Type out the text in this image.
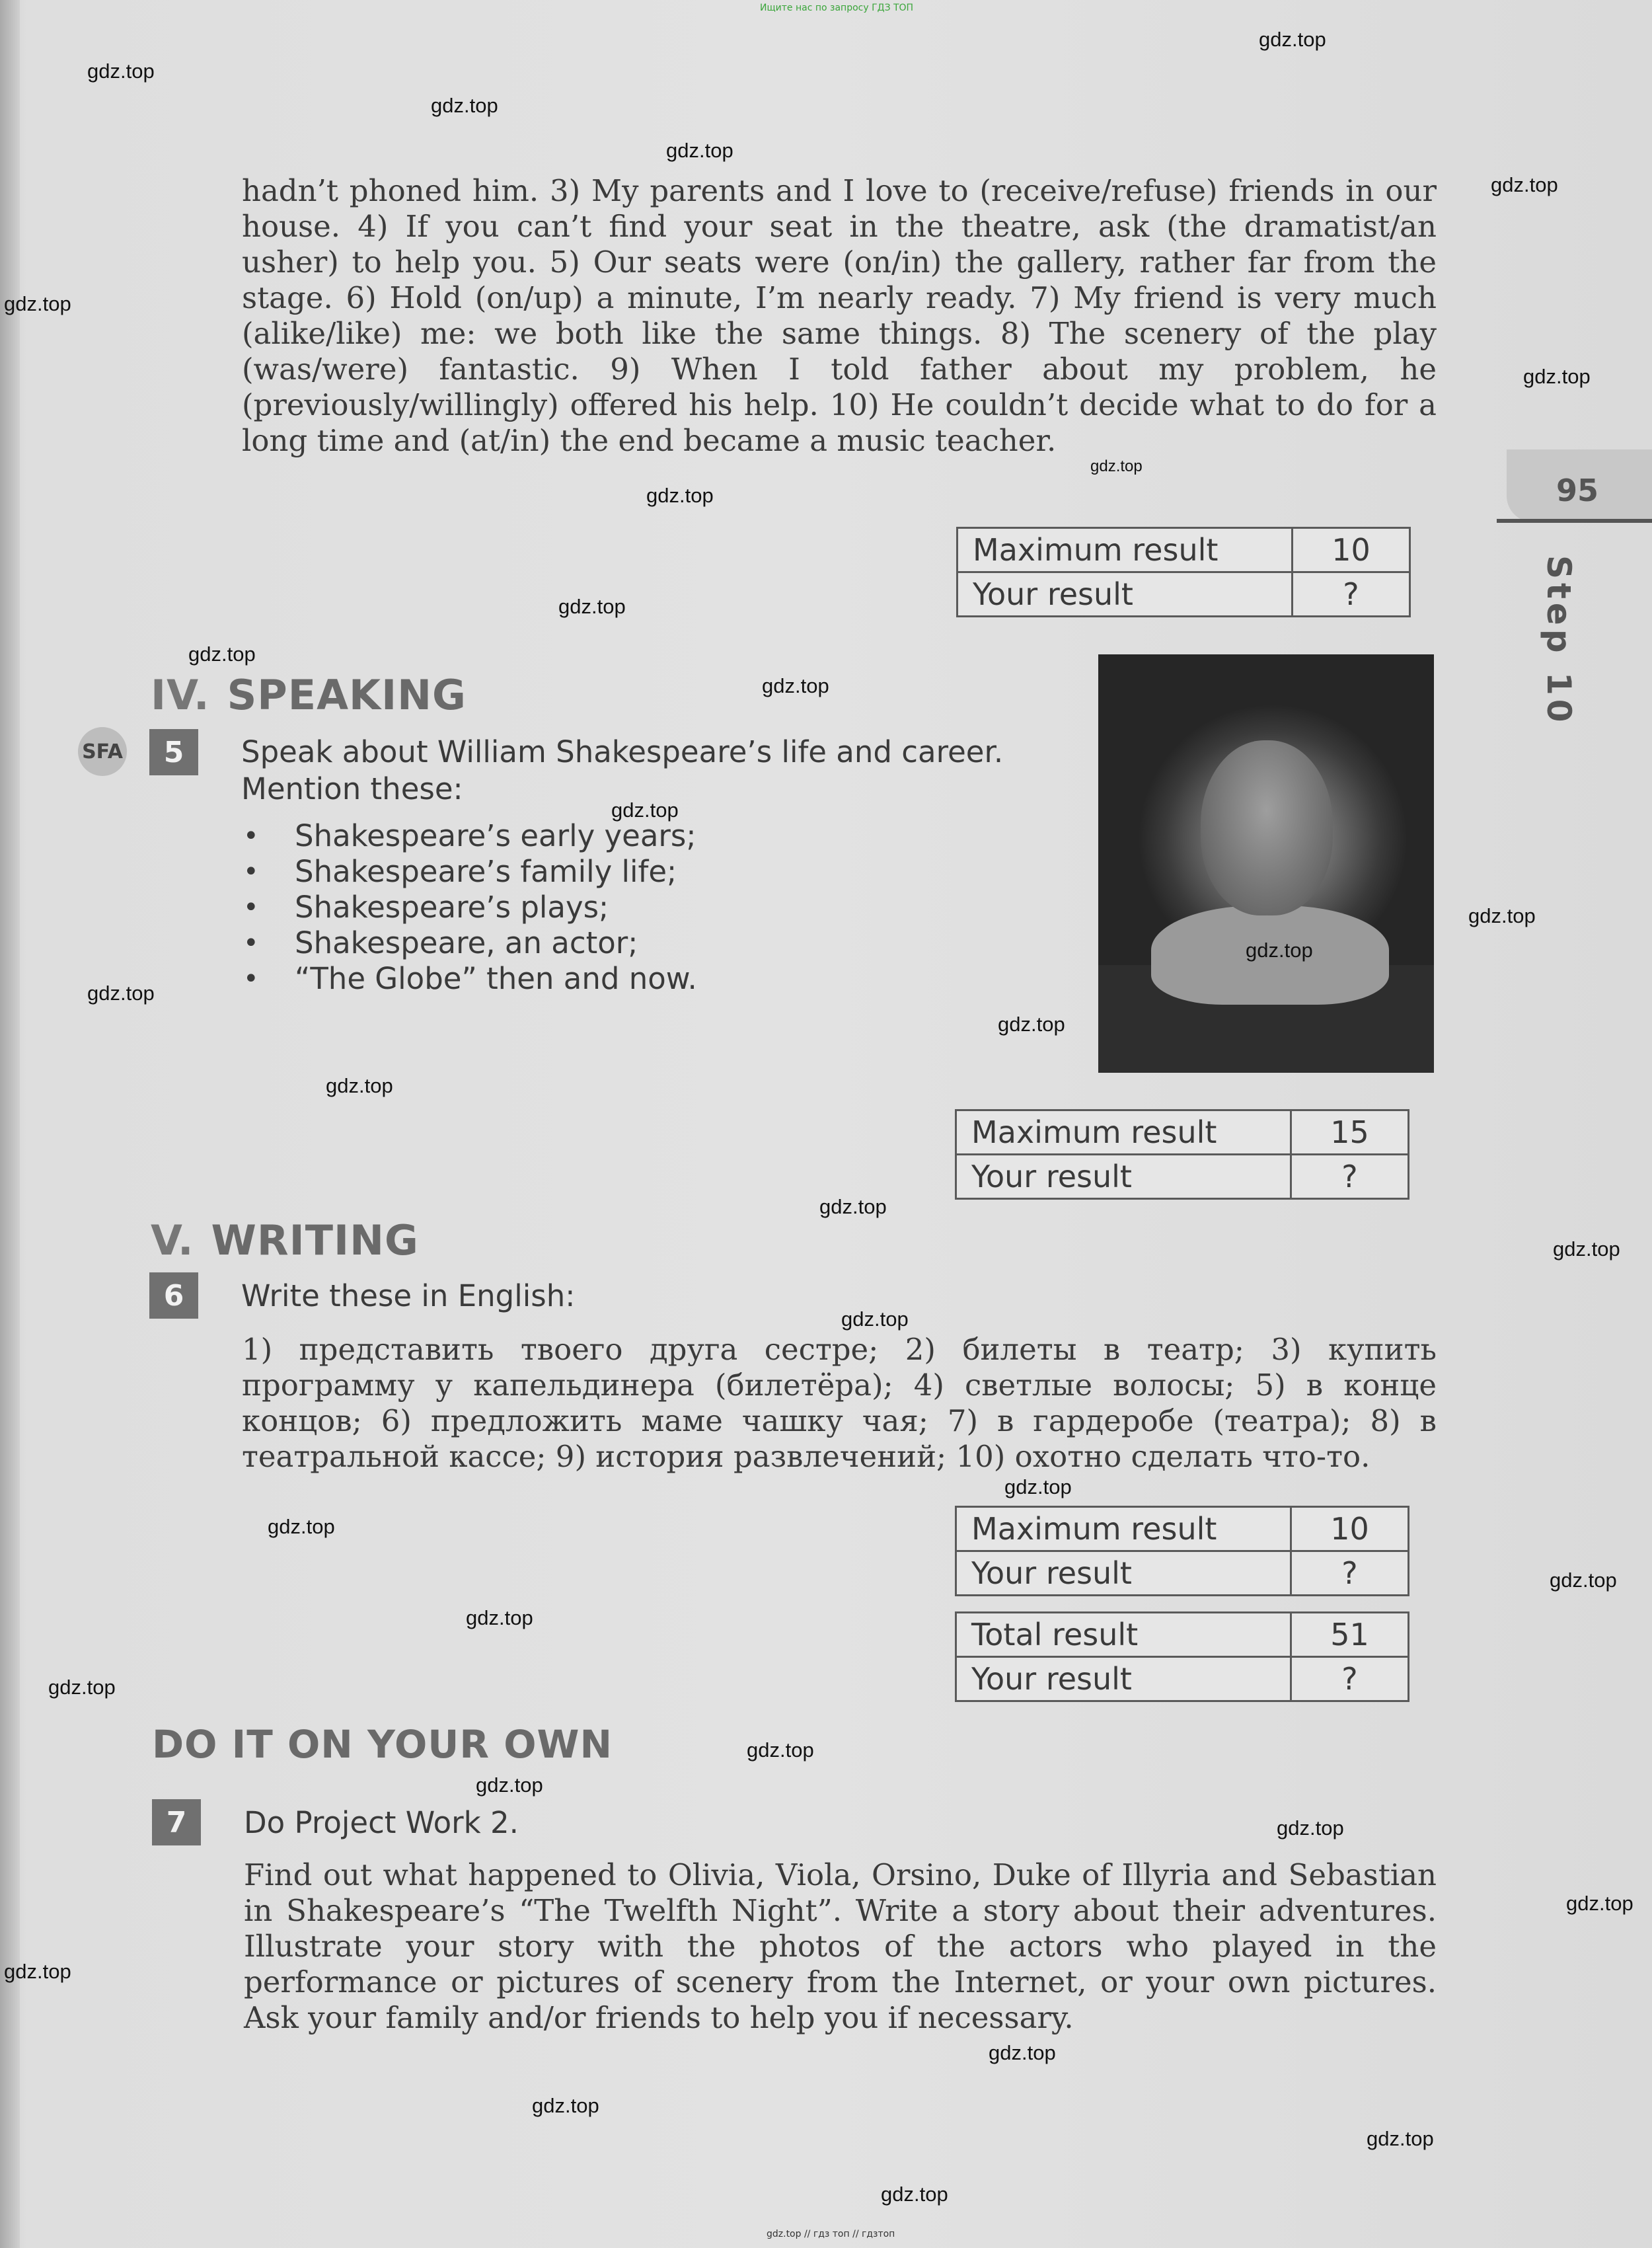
Ищите нас по запросу ГДЗ ТОП
95
Step 10

hadn’t phoned him. 3) My parents and I love to (receive/refuse) friends in our house. 4) If you can’t find your seat in the theatre, ask (the dramatist/an usher) to help you. 5) Our seats were (on/in) the gallery, rather far from the stage. 6) Hold (on/up) a minute, I’m nearly ready. 7) My friend is very much (alike/like) me: we both like the same things. 8) The scenery of the play (was/were) fantastic. 9) When I told father about my problem, he (previously/willingly) offered his help. 10) He couldn’t decide what to do for a long time and (at/in) the end became a music teacher.

Maximum result	10
Your result	?
IV. SPEAKING
SFA	5	Speak about William Shakespeare’s life and career.
Mention these:
• Shakespeare’s early years;
• Shakespeare’s family life;
• Shakespeare’s plays;
• Shakespeare, an actor;
• “The Globe” then and now.
Maximum result	15
Your result	?
V. WRITING
6	Write these in English:

1) представить твоего друга сестре; 2) билеты в театр; 3) купить программу у капельдинера (билетёра); 4) светлые волосы; 5) в конце концов; 6) предложить маме чашку чая; 7) в гардеробе (театра); 8) в театральной кассе; 9) история развлечений; 10) охотно сделать что-то.

Maximum result	10
Your result	?
Total result	51
Your result	?
DO IT ON YOUR OWN
7	Do Project Work 2.

Find out what happened to Olivia, Viola, Orsino, Duke of Illyria and Sebastian in Shakespeare’s “The Twelfth Night”. Write a story about their adventures. Illustrate your story with the photos of the actors who played in the performance or pictures of scenery from the Internet, or your own pictures. Ask your family and/or friends to help you if necessary.

gdz.top
gdz.top
gdz.top
gdz.top
gdz.top
gdz.top
gdz.top
gdz.top
gdz.top
gdz.top
gdz.top
gdz.top
gdz.top
gdz.top
gdz.top
gdz.top
gdz.top
gdz.top
gdz.top
gdz.top
gdz.top
gdz.top
gdz.top
gdz.top
gdz.top
gdz.top
gdz.top
gdz.top
gdz.top
gdz.top
gdz.top
gdz.top
gdz.top
gdz.top
gdz.top
gdz.top // гдз топ // гдзтоп
